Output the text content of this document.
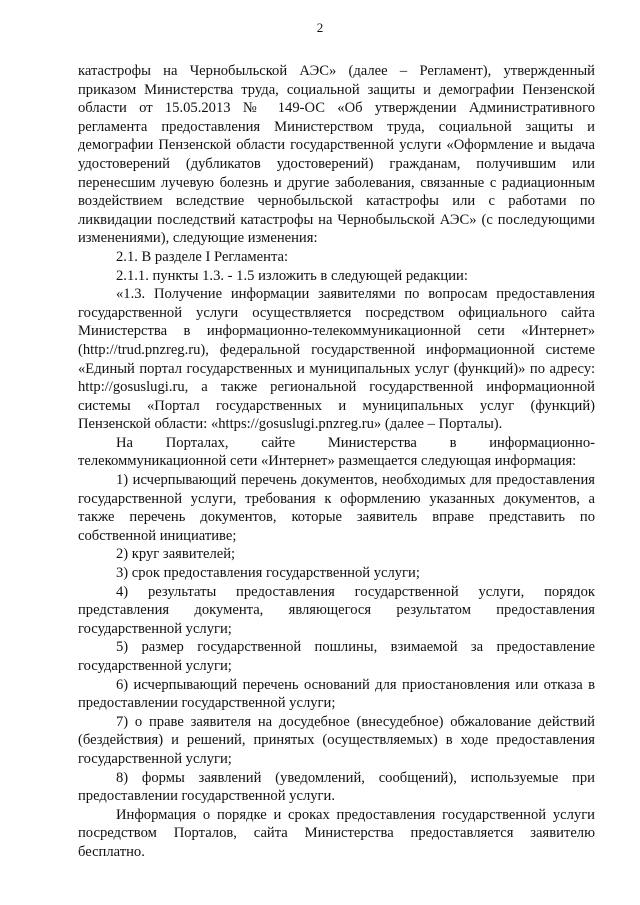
2

катастрофы на Чернобыльской АЭС» (далее – Регламент), утвержденный приказом Министерства труда, социальной защиты и демографии Пензенской области от 15.05.2013 № 149-ОС «Об утверждении Административного регламента предоставления Министерством труда, социальной защиты и демографии Пензенской области государственной услуги «Оформление и выдача удостоверений (дубликатов удостоверений) гражданам, получившим или перенесшим лучевую болезнь и другие заболевания, связанные с радиационным воздействием вследствие чернобыльской катастрофы или с работами по ликвидации последствий катастрофы на Чернобыльской АЭС» (с последующими изменениями), следующие изменения:

2.1. В разделе I Регламента:

2.1.1. пункты 1.3. - 1.5 изложить в следующей редакции:

«1.3. Получение информации заявителями по вопросам предоставления государственной услуги осуществляется посредством официального сайта Министерства в информационно-телекоммуникационной сети «Интернет» (http://trud.pnzreg.ru), федеральной государственной информационной системе «Единый портал государственных и муниципальных услуг (функций)» по адресу: http://gosuslugi.ru, а также региональной государственной информационной системы «Портал государственных и муниципальных услуг (функций) Пензенской области: «https://gosuslugi.pnzreg.ru» (далее – Порталы).

На Порталах, сайте Министерства в информационно-телекоммуникационной сети «Интернет» размещается следующая информация:

1) исчерпывающий перечень документов, необходимых для предоставления государственной услуги, требования к оформлению указанных документов, а также перечень документов, которые заявитель вправе представить по собственной инициативе;

2) круг заявителей;

3) срок предоставления государственной услуги;

4) результаты предоставления государственной услуги, порядок представления документа, являющегося результатом предоставления государственной услуги;

5) размер государственной пошлины, взимаемой за предоставление государственной услуги;

6) исчерпывающий перечень оснований для приостановления или отказа в предоставлении государственной услуги;

7) о праве заявителя на досудебное (внесудебное) обжалование действий (бездействия) и решений, принятых (осуществляемых) в ходе предоставления государственной услуги;

8) формы заявлений (уведомлений, сообщений), используемые при предоставлении государственной услуги.

Информация о порядке и сроках предоставления государственной услуги посредством Порталов, сайта Министерства предоставляется заявителю бесплатно.
